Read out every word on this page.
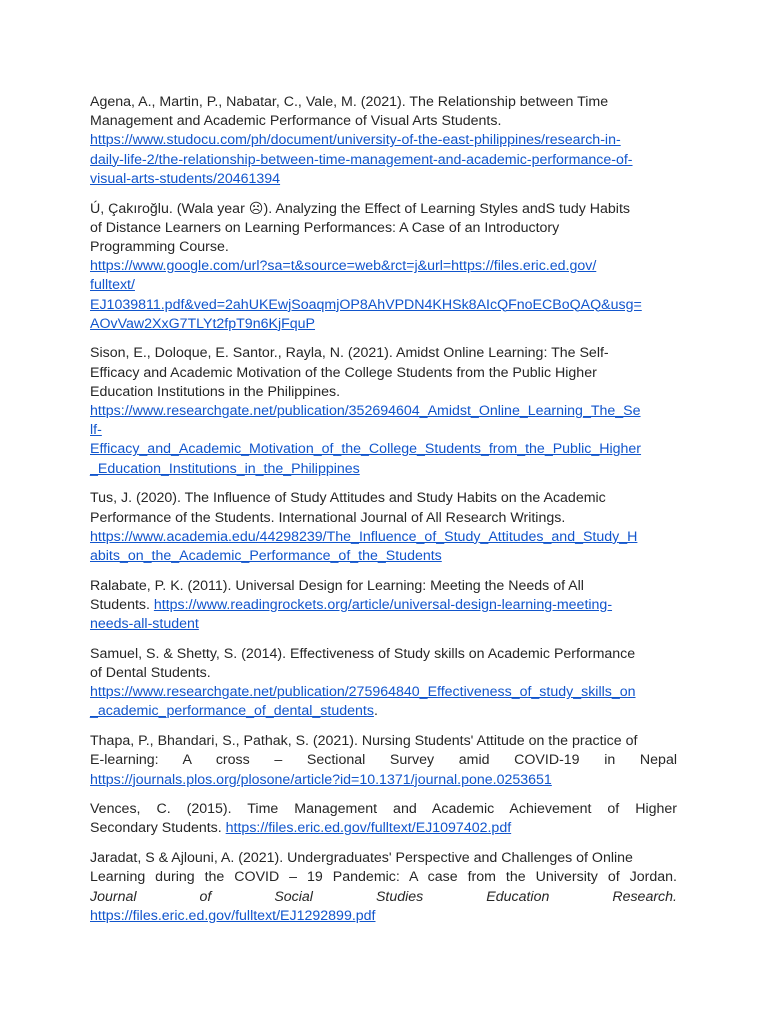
Agena, A., Martin, P., Nabatar, C., Vale, M. (2021). The Relationship between Time
Management and Academic Performance of Visual Arts Students.
https://www.studocu.com/ph/document/university-of-the-east-philippines/research-in-
daily-life-2/the-relationship-between-time-management-and-academic-performance-of-
visual-arts-students/20461394
Ú, Çakıroğlu. (Wala year ☹). Analyzing the Effect of Learning Styles andS tudy Habits
of Distance Learners on Learning Performances: A Case of an Introductory
Programming Course.
https://www.google.com/url?sa=t&source=web&rct=j&url=https://files.eric.ed.gov/
fulltext/
EJ1039811.pdf&ved=2ahUKEwjSoaqmjOP8AhVPDN4KHSk8AIcQFnoECBoQAQ&usg=
AOvVaw2XxG7TLYt2fpT9n6KjFquP
Sison, E., Doloque, E. Santor., Rayla, N. (2021). Amidst Online Learning: The Self-
Efficacy and Academic Motivation of the College Students from the Public Higher
Education Institutions in the Philippines.
https://www.researchgate.net/publication/352694604_Amidst_Online_Learning_The_Se
lf-
Efficacy_and_Academic_Motivation_of_the_College_Students_from_the_Public_Higher
_Education_Institutions_in_the_Philippines
Tus, J. (2020). The Influence of Study Attitudes and Study Habits on the Academic
Performance of the Students. International Journal of All Research Writings.
https://www.academia.edu/44298239/The_Influence_of_Study_Attitudes_and_Study_H
abits_on_the_Academic_Performance_of_the_Students
Ralabate, P. K. (2011). Universal Design for Learning: Meeting the Needs of All
Students. https://www.readingrockets.org/article/universal-design-learning-meeting-
needs-all-student
Samuel, S. & Shetty, S. (2014). Effectiveness of Study skills on Academic Performance
of Dental Students.
https://www.researchgate.net/publication/275964840_Effectiveness_of_study_skills_on
_academic_performance_of_dental_students.
Thapa, P., Bhandari, S., Pathak, S. (2021). Nursing Students' Attitude on the practice of
E-learning: A cross – Sectional Survey amid COVID-19 in Nepal
https://journals.plos.org/plosone/article?id=10.1371/journal.pone.0253651
Vences, C. (2015). Time Management and Academic Achievement of Higher
Secondary Students. https://files.eric.ed.gov/fulltext/EJ1097402.pdf
Jaradat, S & Ajlouni, A. (2021). Undergraduates' Perspective and Challenges of Online
Learning during the COVID – 19 Pandemic: A case from the University of Jordan.
Journal of Social Studies Education Research.
https://files.eric.ed.gov/fulltext/EJ1292899.pdf
